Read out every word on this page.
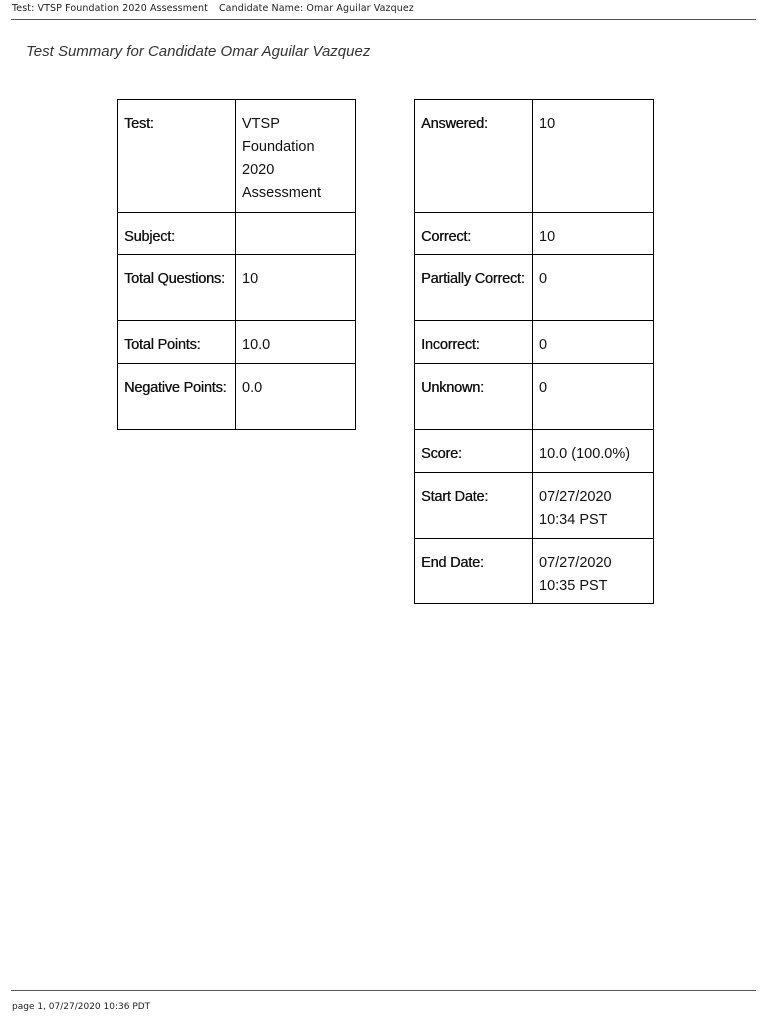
Test: VTSP Foundation 2020 Assessment Candidate Name: Omar Aguilar Vazquez
Test Summary for Candidate Omar Aguilar Vazquez
Test:	VTSP Foundation 2020 Assessment

Subject:	

Total Questions:	10

Total Points:	10.0

Negative Points:	0.0
Answered:	10

Correct:	10

Partially Correct:	0

Incorrect:	0

Unknown:	0

Score:	10.0 (100.0%)

Start Date:	07/27/2020 10:34 PST

End Date:	07/27/2020 10:35 PST
page 1, 07/27/2020 10:36 PDT
